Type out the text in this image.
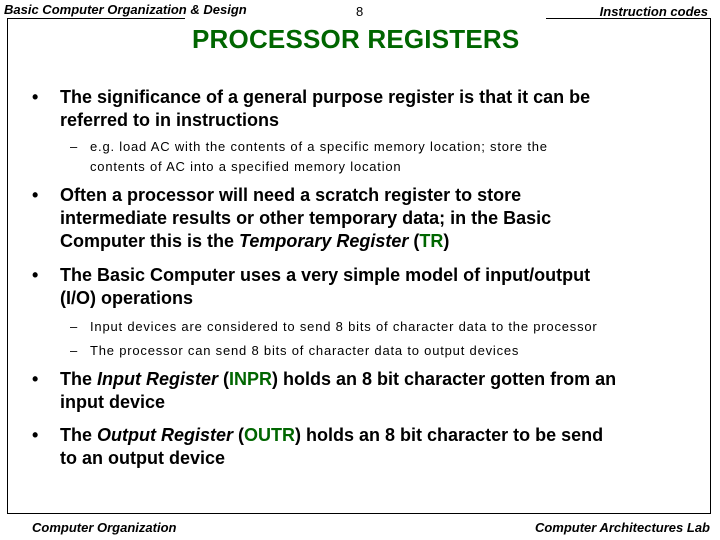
Basic Computer Organization & Design	8	Instruction codes
PROCESSOR REGISTERS
• The significance of a general purpose register is that it can be
referred to in instructions
– e.g. load AC with the contents of a specific memory location; store the
contents of AC into a specified memory location
• Often a processor will need a scratch register to store
intermediate results or other temporary data; in the Basic
Computer this is the Temporary Register (TR)
• The Basic Computer uses a very simple model of input/output
(I/O) operations
– Input devices are considered to send 8 bits of character data to the processor
– The processor can send 8 bits of character data to output devices
• The Input Register (INPR) holds an 8 bit character gotten from an
input device
• The Output Register (OUTR) holds an 8 bit character to be send
to an output device
Computer Organization	Computer Architectures Lab
